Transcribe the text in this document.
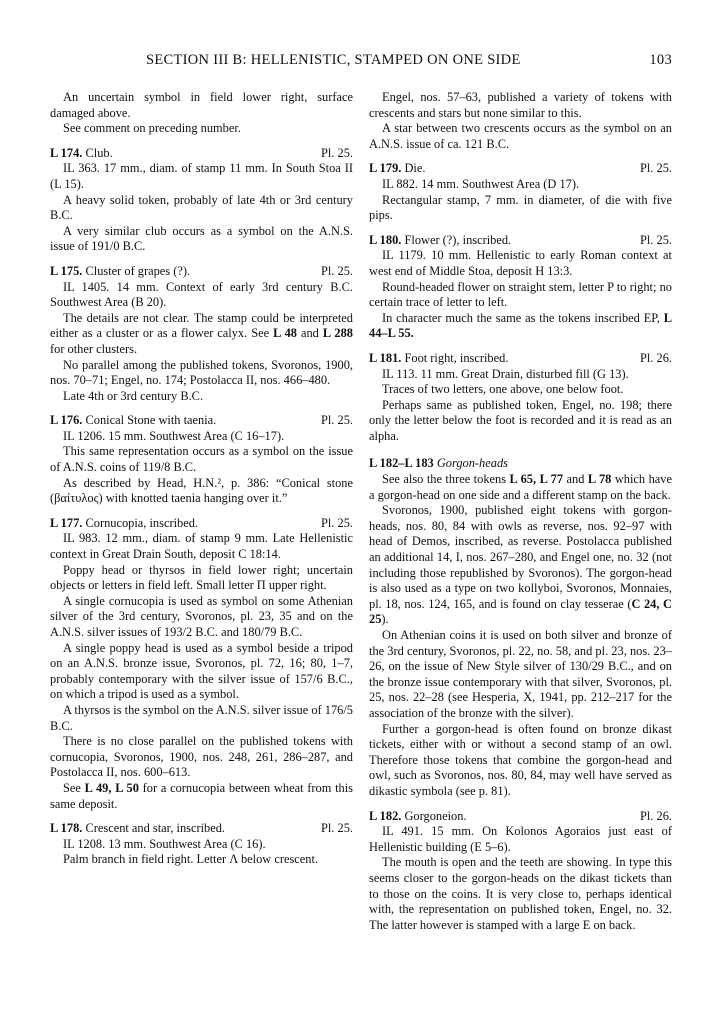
SECTION III B: HELLENISTIC, STAMPED ON ONE SIDE	103

An uncertain symbol in field lower right, surface damaged above.

See comment on preceding number.

L 174. Club.	Pl. 25.

IL 363. 17 mm., diam. of stamp 11 mm. In South Stoa II (L 15).

A heavy solid token, probably of late 4th or 3rd century B.C.

A very similar club occurs as a symbol on the A.N.S. issue of 191/0 B.C.

L 175. Cluster of grapes (?).	Pl. 25.

IL 1405. 14 mm. Context of early 3rd century B.C. Southwest Area (B 20).

The details are not clear. The stamp could be interpreted either as a cluster or as a flower calyx. See L 48 and L 288 for other clusters.

No parallel among the published tokens, Svoronos, 1900, nos. 70–71; Engel, no. 174; Postolacca II, nos. 466–480.

Late 4th or 3rd century B.C.

L 176. Conical Stone with taenia.	Pl. 25.

IL 1206. 15 mm. Southwest Area (C 16–17).

This same representation occurs as a symbol on the issue of A.N.S. coins of 119/8 B.C.

As described by Head, H.N.², p. 386: “Conical stone (βαίτυλος) with knotted taenia hanging over it.”

L 177. Cornucopia, inscribed.	Pl. 25.

IL 983. 12 mm., diam. of stamp 9 mm. Late Hellenistic context in Great Drain South, deposit C 18:14.

Poppy head or thyrsos in field lower right; uncertain objects or letters in field left. Small letter Π upper right.

A single cornucopia is used as symbol on some Athenian silver of the 3rd century, Svoronos, pl. 23, 35 and on the A.N.S. silver issues of 193/2 B.C. and 180/79 B.C.

A single poppy head is used as a symbol beside a tripod on an A.N.S. bronze issue, Svoronos, pl. 72, 16; 80, 1–7, probably contemporary with the silver issue of 157/6 B.C., on which a tripod is used as a symbol.

A thyrsos is the symbol on the A.N.S. silver issue of 176/5 B.C.

There is no close parallel on the published tokens with cornucopia, Svoronos, 1900, nos. 248, 261, 286–287, and Postolacca II, nos. 600–613.

See L 49, L 50 for a cornucopia between wheat from this same deposit.

L 178. Crescent and star, inscribed.	Pl. 25.

IL 1208. 13 mm. Southwest Area (C 16).

Palm branch in field right. Letter Λ below crescent.

Engel, nos. 57–63, published a variety of tokens with crescents and stars but none similar to this.

A star between two crescents occurs as the symbol on an A.N.S. issue of ca. 121 B.C.

L 179. Die.	Pl. 25.

IL 882. 14 mm. Southwest Area (D 17).

Rectangular stamp, 7 mm. in diameter, of die with five pips.

L 180. Flower (?), inscribed.	Pl. 25.

IL 1179. 10 mm. Hellenistic to early Roman context at west end of Middle Stoa, deposit H 13:3.

Round-headed flower on straight stem, letter P to right; no certain trace of letter to left.

In character much the same as the tokens inscribed ΕΡ, L 44–L 55.

L 181. Foot right, inscribed.	Pl. 26.

IL 113. 11 mm. Great Drain, disturbed fill (G 13).

Traces of two letters, one above, one below foot.

Perhaps same as published token, Engel, no. 198; there only the letter below the foot is recorded and it is read as an alpha.

L 182–L 183 Gorgon-heads

See also the three tokens L 65, L 77 and L 78 which have a gorgon-head on one side and a different stamp on the back.

Svoronos, 1900, published eight tokens with gorgon-heads, nos. 80, 84 with owls as reverse, nos. 92–97 with head of Demos, inscribed, as reverse. Postolacca published an additional 14, I, nos. 267–280, and Engel one, no. 32 (not including those republished by Svoronos). The gorgon-head is also used as a type on two kollyboi, Svoronos, Monnaies, pl. 18, nos. 124, 165, and is found on clay tesserae (C 24, C 25).

On Athenian coins it is used on both silver and bronze of the 3rd century, Svoronos, pl. 22, no. 58, and pl. 23, nos. 23–26, on the issue of New Style silver of 130/29 B.C., and on the bronze issue contemporary with that silver, Svoronos, pl. 25, nos. 22–28 (see Hesperia, X, 1941, pp. 212–217 for the association of the bronze with the silver).

Further a gorgon-head is often found on bronze dikast tickets, either with or without a second stamp of an owl. Therefore those tokens that combine the gorgon-head and owl, such as Svoronos, nos. 80, 84, may well have served as dikastic symbola (see p. 81).

L 182. Gorgoneion.	Pl. 26.

IL 491. 15 mm. On Kolonos Agoraios just east of Hellenistic building (E 5–6).

The mouth is open and the teeth are showing. In type this seems closer to the gorgon-heads on the dikast tickets than to those on the coins. It is very close to, perhaps identical with, the representation on published token, Engel, no. 32. The latter however is stamped with a large E on back.
